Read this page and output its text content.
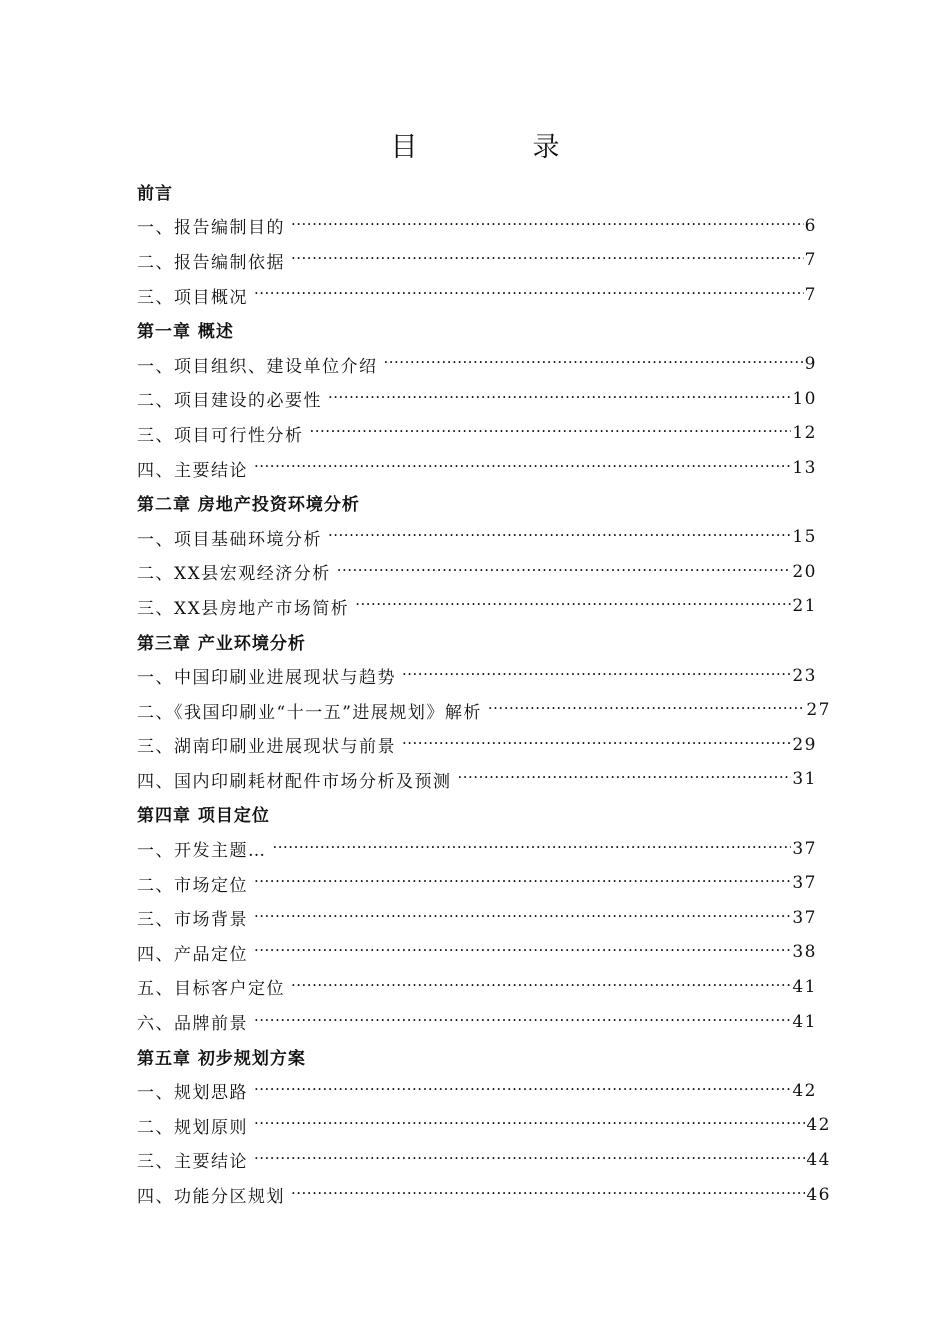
目　录
前言
一、报告编制目的 ·····	6
二、报告编制依据 ·····	7
三、项目概况 ·····	7
第一章 概述
一、项目组织、建设单位介绍 ·····	9
二、项目建设的必要性 ·····	10
三、项目可行性分析 ·····	12
四、主要结论 ·····	13
第二章 房地产投资环境分析
一、项目基础环境分析 ·····	15
二、XX县宏观经济分析 ·····	20
三、XX县房地产市场简析 ·····	21
第三章 产业环境分析
一、中国印刷业进展现状与趋势 ·····	23
二、《我国印刷业“十一五”进展规划》解析 ·····	27
三、湖南印刷业进展现状与前景 ·····	29
四、国内印刷耗材配件市场分析及预测 ·····	31
第四章 项目定位
一、开发主题… ·····	37
二、市场定位 ·····	37
三、市场背景 ·····	37
四、产品定位 ·····	38
五、目标客户定位 ·····	41
六、品牌前景 ·····	41
第五章 初步规划方案
一、规划思路 ·····	42
二、规划原则 ·····	42
三、主要结论 ·····	44
四、功能分区规划 ·····	46
